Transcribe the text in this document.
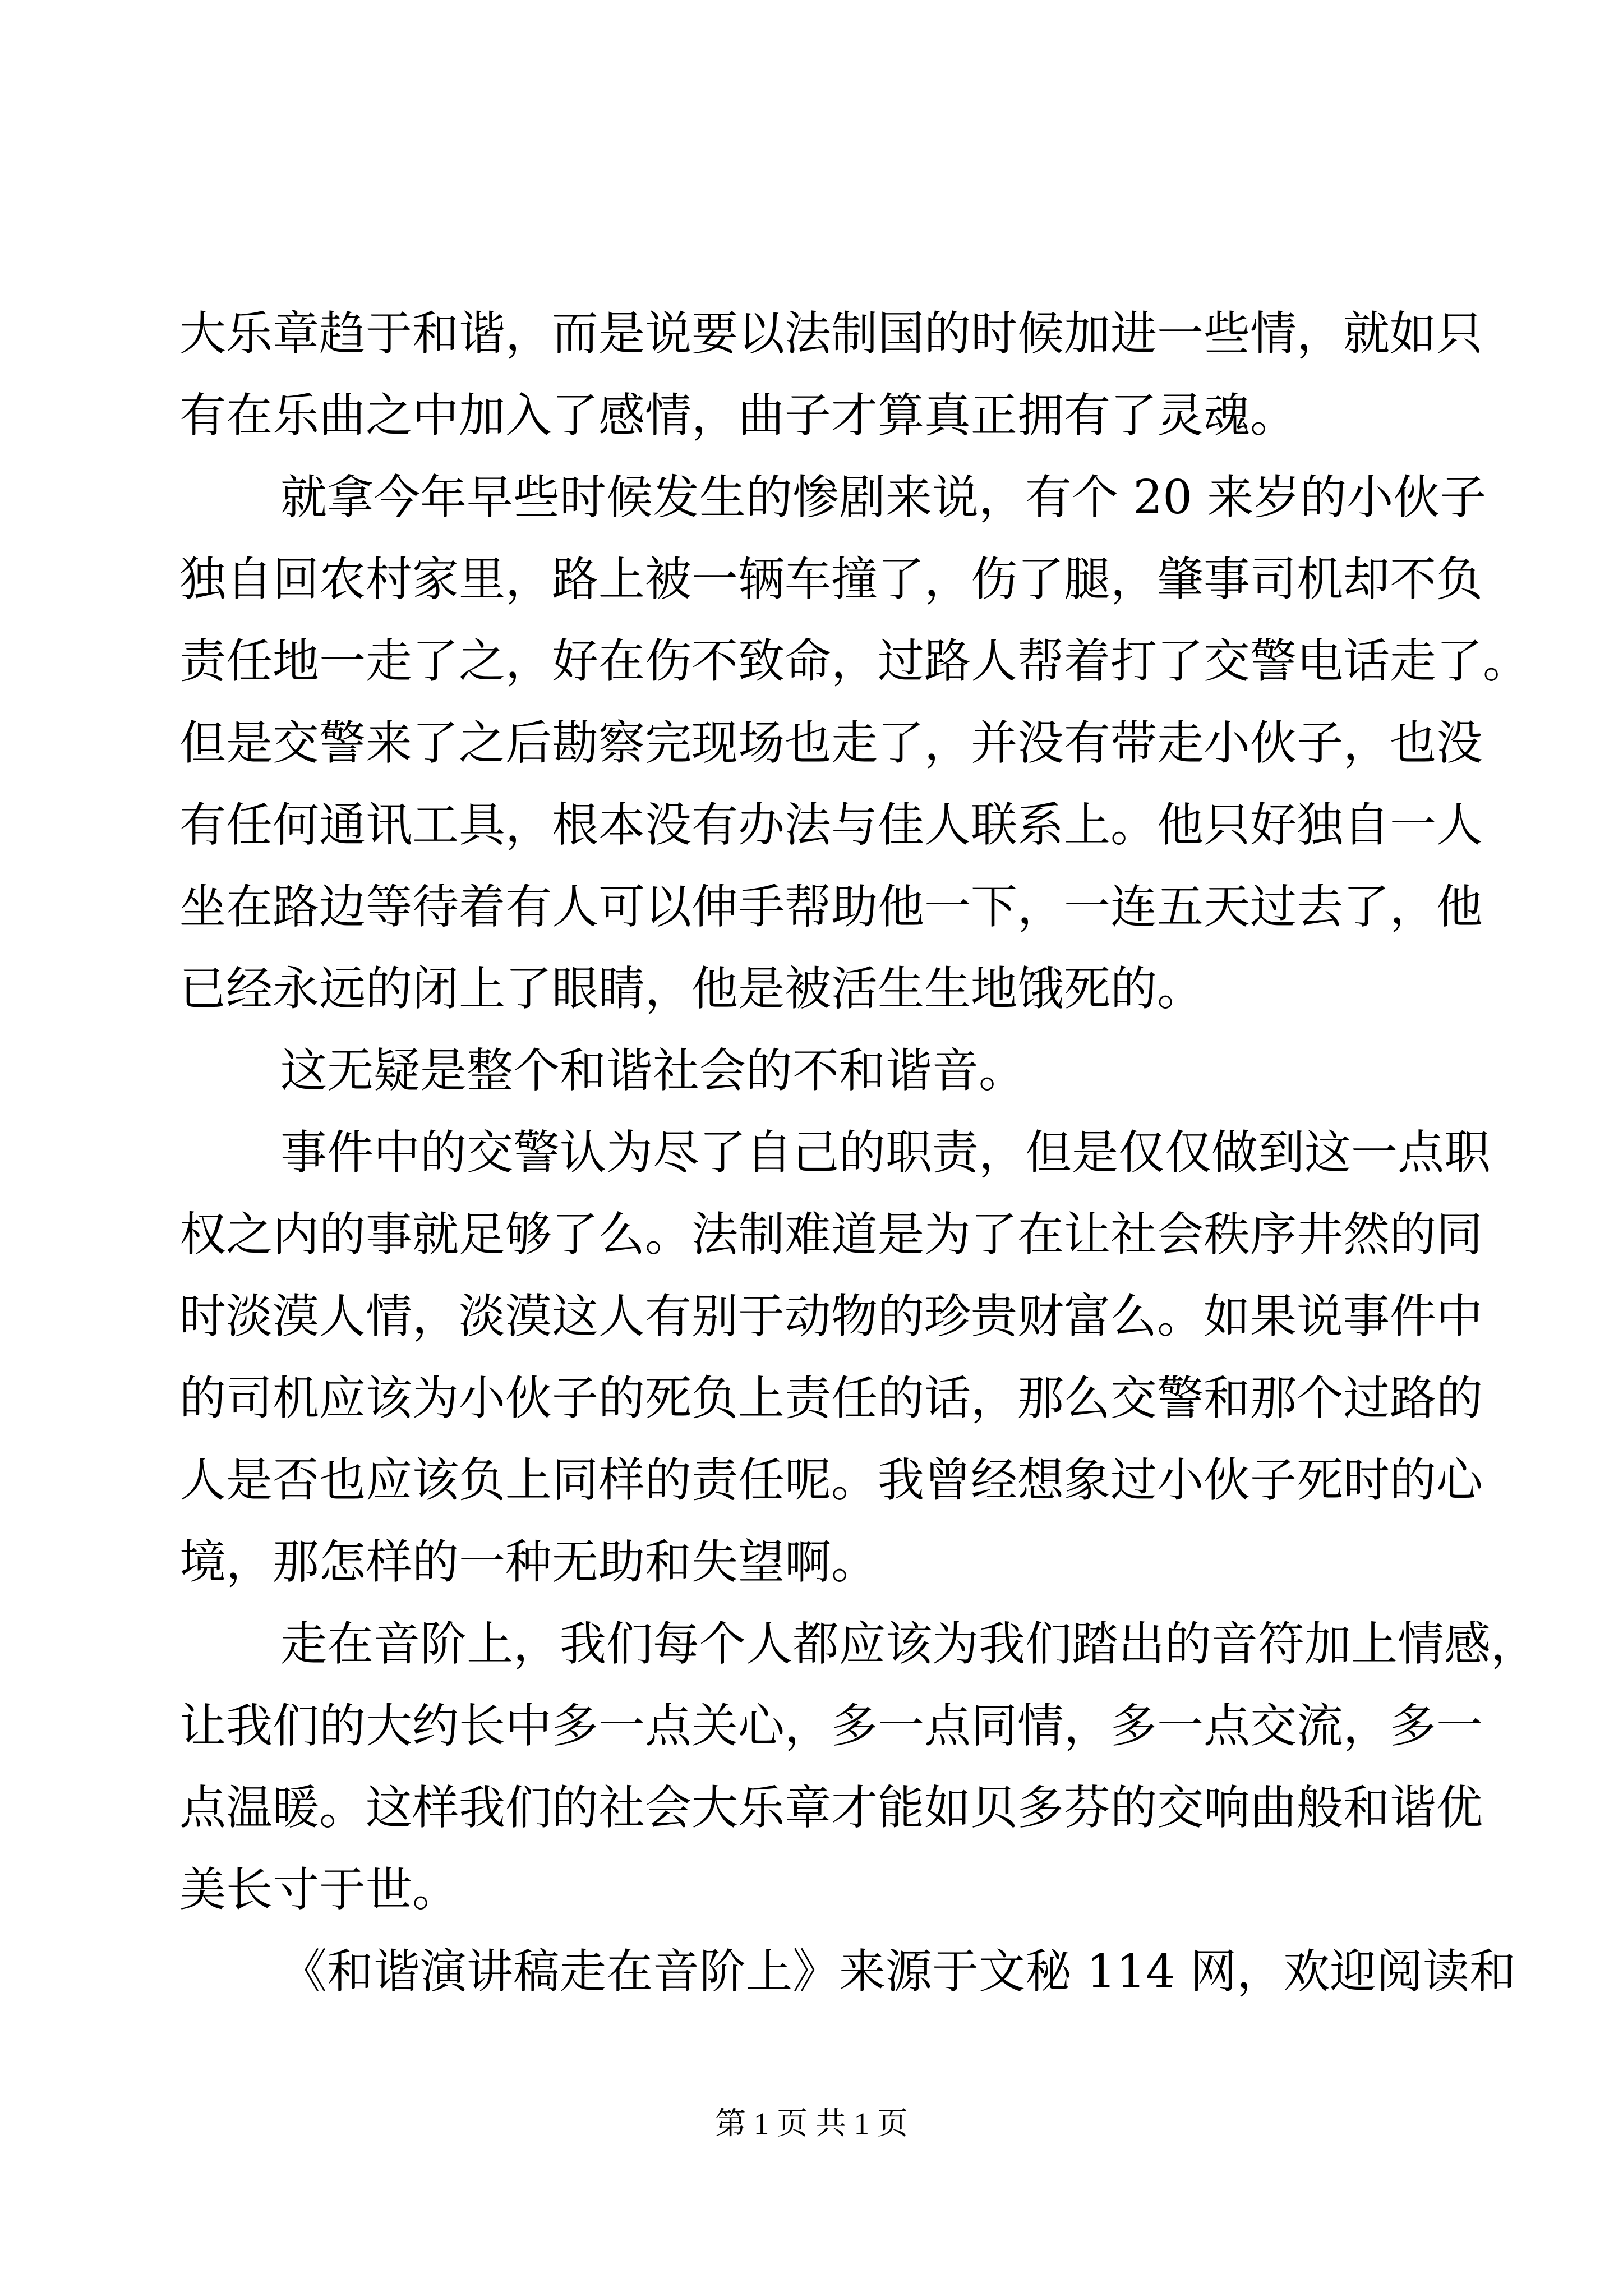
大乐章趋于和谐，而是说要以法制国的时候加进一些情，就如只
有在乐曲之中加入了感情，曲子才算真正拥有了灵魂。
就拿今年早些时候发生的惨剧来说，有个 20 来岁的小伙子
独自回农村家里，路上被一辆车撞了，伤了腿，肇事司机却不负
责任地一走了之，好在伤不致命，过路人帮着打了交警电话走了。
但是交警来了之后勘察完现场也走了，并没有带走小伙子，也没
有任何通讯工具，根本没有办法与佳人联系上。他只好独自一人
坐在路边等待着有人可以伸手帮助他一下，一连五天过去了，他
已经永远的闭上了眼睛，他是被活生生地饿死的。
这无疑是整个和谐社会的不和谐音。
事件中的交警认为尽了自己的职责，但是仅仅做到这一点职
权之内的事就足够了么。法制难道是为了在让社会秩序井然的同
时淡漠人情，淡漠这人有别于动物的珍贵财富么。如果说事件中
的司机应该为小伙子的死负上责任的话，那么交警和那个过路的
人是否也应该负上同样的责任呢。我曾经想象过小伙子死时的心
境，那怎样的一种无助和失望啊。
走在音阶上，我们每个人都应该为我们踏出的音符加上情感，
让我们的大约长中多一点关心，多一点同情，多一点交流，多一
点温暖。这样我们的社会大乐章才能如贝多芬的交响曲般和谐优
美长寸于世。
《和谐演讲稿走在音阶上》来源于文秘 114 网，欢迎阅读和
第 1 页 共 1 页
